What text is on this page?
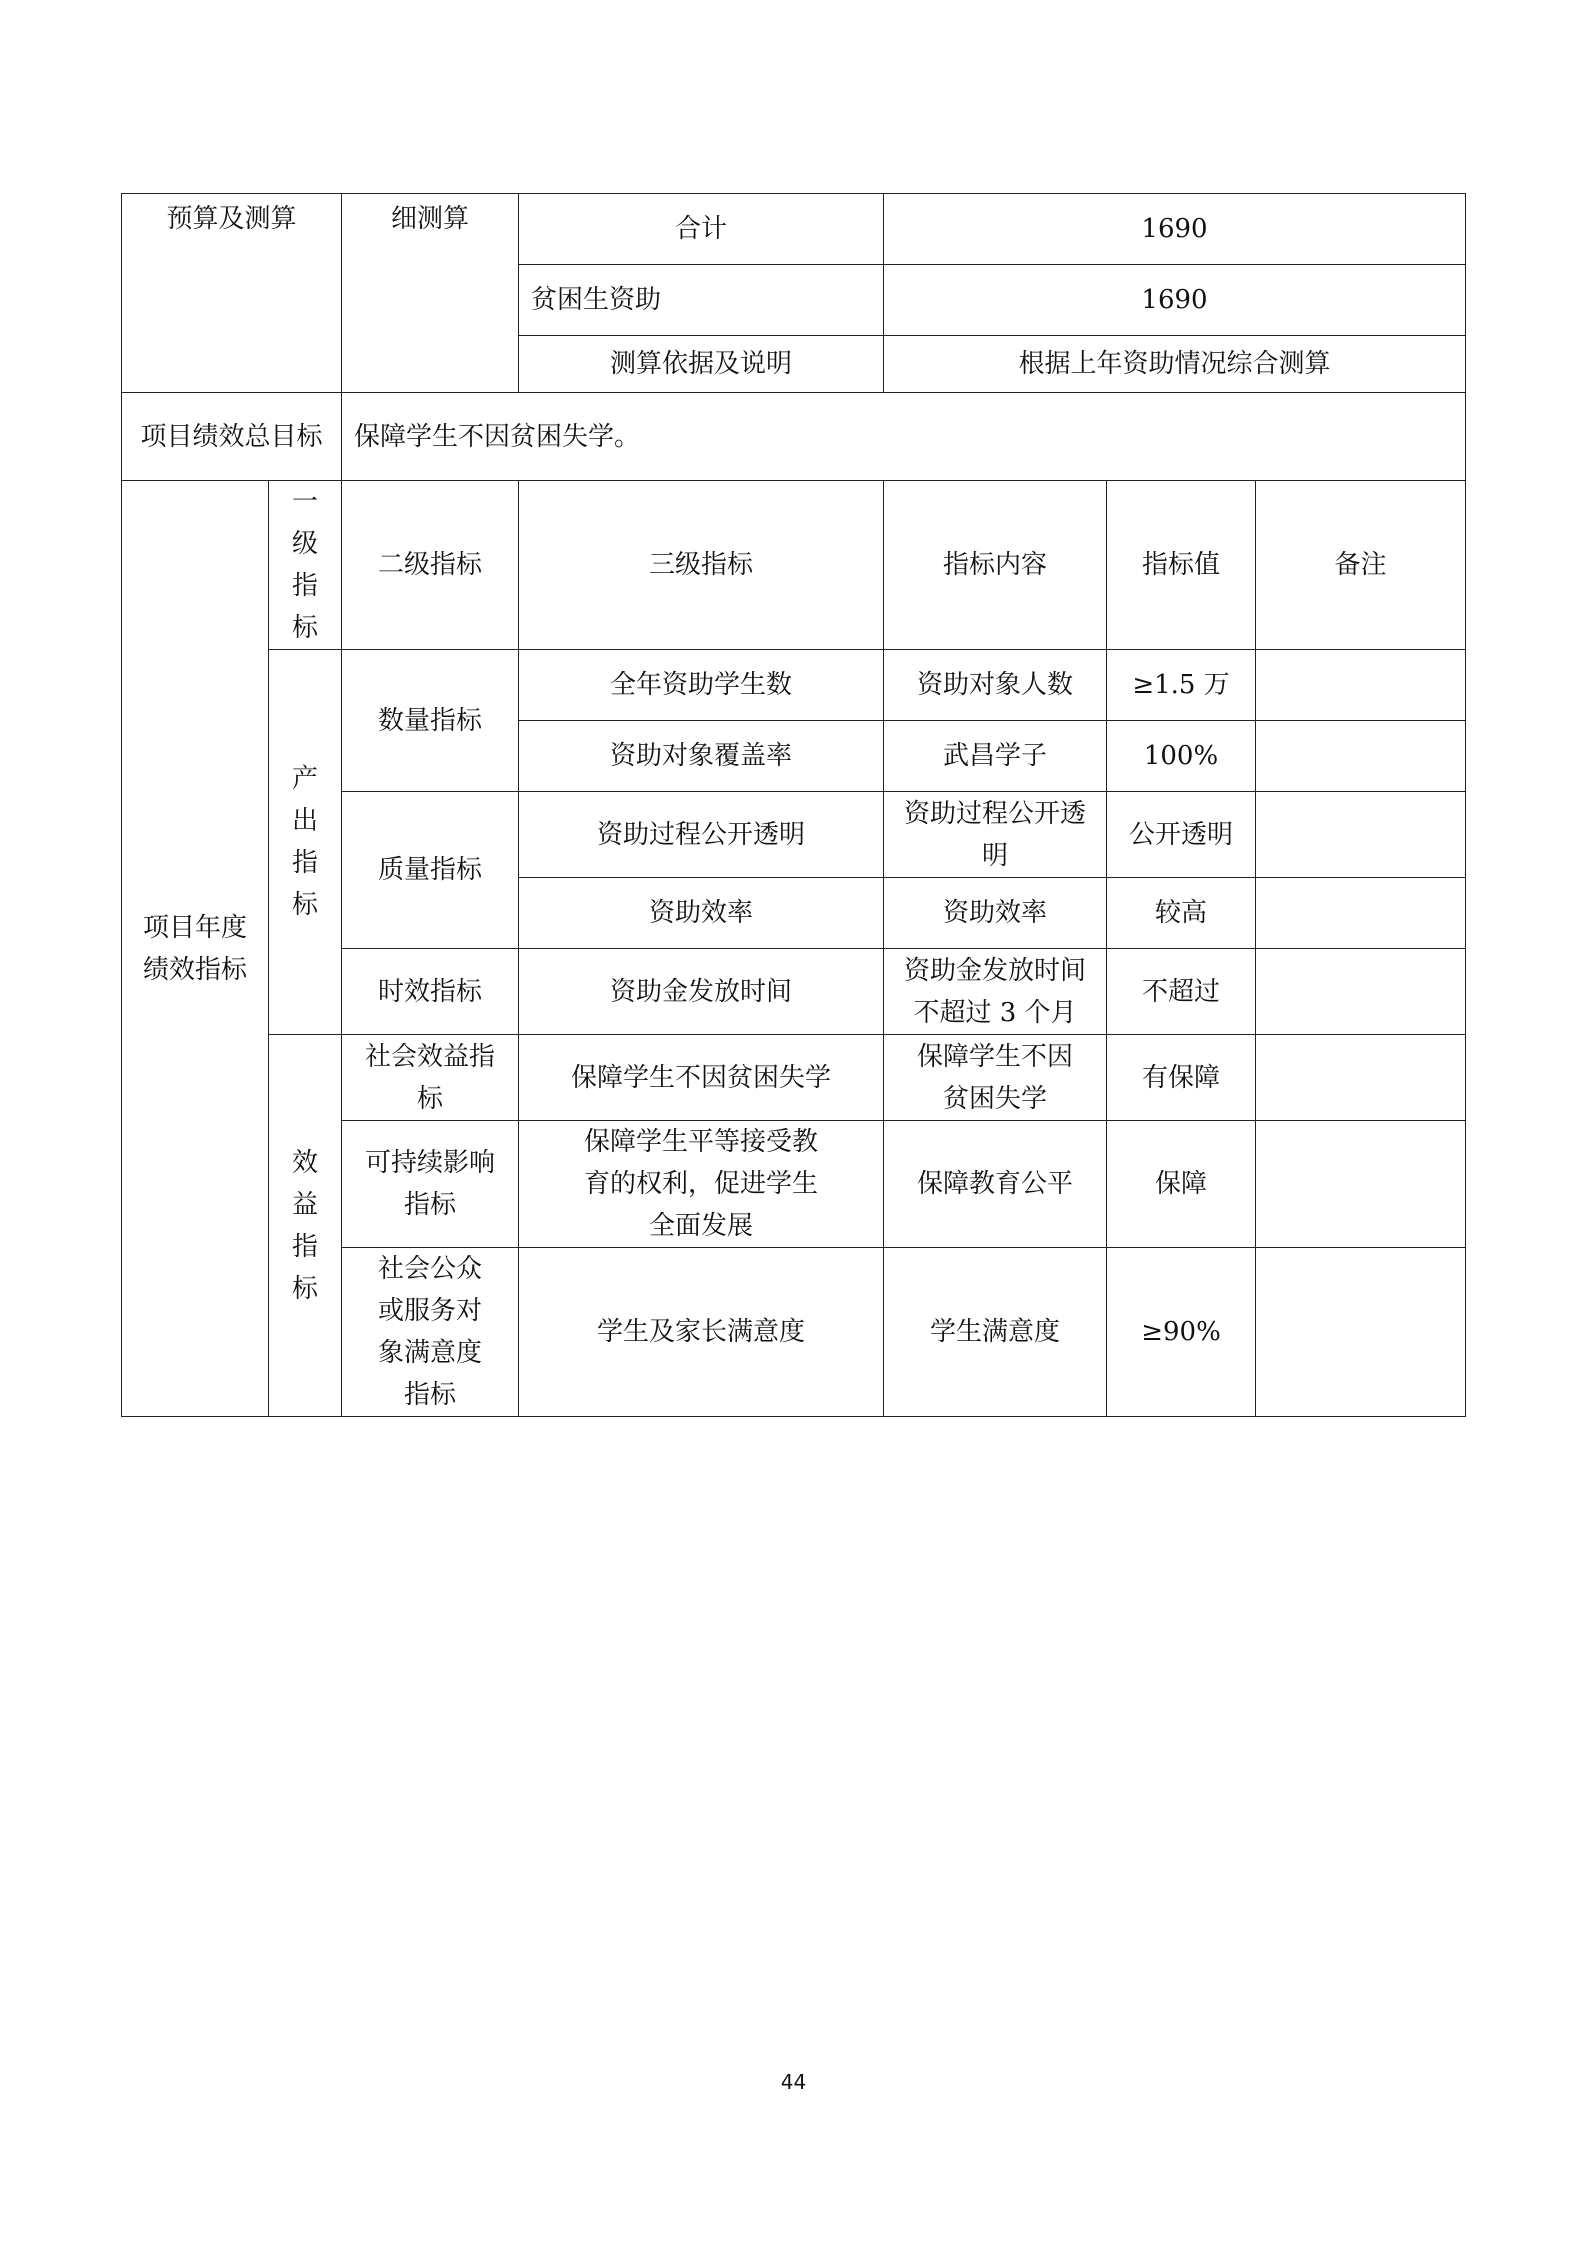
预算及测算		细测算	合计	1690		
			贫困生资助	1690		
			测算依据及说明	根据上年资助情况综合测算		
项目绩效总目标		保障学生不因贫困失学。				
项目年度绩效指标	一级指标	二级指标	三级指标	指标内容	指标值	备注
	产出指标	数量指标	全年资助学生数	资助对象人数	≥1.5 万	
			资助对象覆盖率	武昌学子	100%	
		质量指标	资助过程公开透明	资助过程公开透明	公开透明	
			资助效率	资助效率	较高	
		时效指标	资助金发放时间	资助金发放时间不超过 3 个月	不超过	
	效益指标	社会效益指标	保障学生不因贫困失学	保障学生不因贫困失学	有保障	
		可持续影响指标	保障学生平等接受教育的权利，促进学生全面发展	保障教育公平	保障	
		社会公众或服务对象满意度指标	学生及家长满意度	学生满意度	≥90%	
44
